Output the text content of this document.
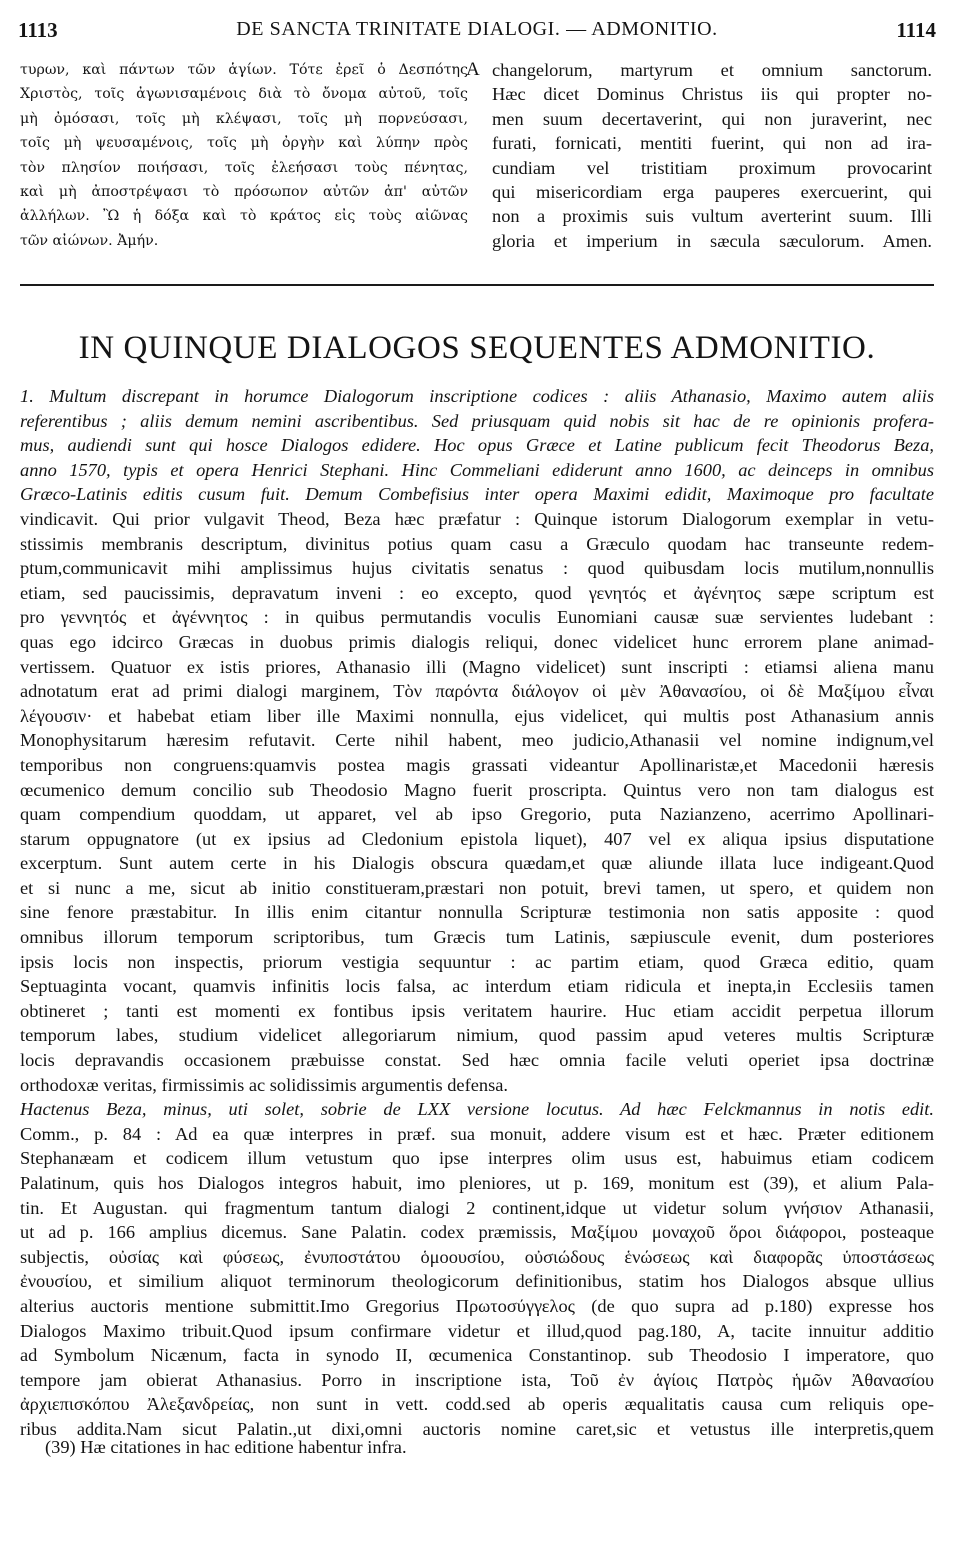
1113	DE SANCTA TRINITATE DIALOGI. — ADMONITIO.	1114
τυρων, καὶ πάντων τῶν ἁγίων. Τότε ἐρεῖ ὁ Δεσπότης
Χριστὸς, τοῖς ἀγωνισαμένοις διὰ τὸ ὄνομα αὐτοῦ, τοῖς
μὴ ὀμόσασι, τοῖς μὴ κλέψασι, τοῖς μὴ πορνεύσασι,
τοῖς μὴ ψευσαμένοις, τοῖς μὴ ὀργὴν καὶ λύπην πρὸς
τὸν πλησίον ποιήσασι, τοῖς ἐλεήσασι τοὺς πένητας,
καὶ μὴ ἀποστρέψασι τὸ πρόσωπον αὐτῶν ἀπ' αὐτῶν
ἀλλήλων. Ὢ ἡ δόξα καὶ τὸ κράτος εἰς τοὺς αἰῶνας
τῶν αἰώνων. Ἀμήν.
A changelorum, martyrum et omnium sanctorum.
Hæc dicet Dominus Christus iis qui propter no-
men suum decertaverint, qui non juraverint, nec
furati, fornicati, mentiti fuerint, qui non ad ira-
cundiam vel tristitiam proximum provocarint
qui misericordiam erga pauperes exercuerint, qui
non a proximis suis vultum averterint suum. Illi
gloria et imperium in sæcula sæculorum. Amen.
IN QUINQUE DIALOGOS SEQUENTES ADMONITIO.
1. Multum discrepant in horumce Dialogorum inscriptione codices : aliis Athanasio, Maximo autem aliis
referentibus ; aliis demum nemini ascribentibus. Sed priusquam quid nobis sit hac de re opinionis profera-
mus, audiendi sunt qui hosce Dialogos edidere. Hoc opus Græce et Latine publicum fecit Theodorus Beza,
anno 1570, typis et opera Henrici Stephani. Hinc Commeliani ediderunt anno 1600, ac deinceps in omnibus
Græco-Latinis editis cusum fuit. Demum Combefisius inter opera Maximi edidit, Maximoque pro facultate
vindicavit. Qui prior vulgavit Theod, Beza hæc præfatur : Quinque istorum Dialogorum exemplar in vetu-
stissimis membranis descriptum, divinitus potius quam casu a Græculo quodam hac transeunte redem-
ptum,communicavit mihi amplissimus hujus civitatis senatus : quod quibusdam locis mutilum,nonnullis
etiam, sed paucissimis, depravatum inveni : eo excepto, quod γενητός et ἀγένητος sæpe scriptum est
pro γεννητός et ἀγέννητος : in quibus permutandis voculis Eunomiani causæ suæ servientes ludebant :
quas ego idcirco Græcas in duobus primis dialogis reliqui, donec videlicet hunc errorem plane animad-
vertissem. Quatuor ex istis priores, Athanasio illi (Magno videlicet) sunt inscripti : etiamsi aliena manu
adnotatum erat ad primi dialogi marginem, Τὸν παρόντα διάλογον οἱ μὲν Ἀθανασίου, οἱ δὲ Μαξίμου εἶναι
λέγουσιν· et habebat etiam liber ille Maximi nonnulla, ejus videlicet, qui multis post Athanasium annis
Monophysitarum hæresim refutavit. Certe nihil habent, meo judicio,Athanasii vel nomine indignum,vel
temporibus non congruens:quamvis postea magis grassati videantur Apollinaristæ,et Macedonii hæresis
œcumenico demum concilio sub Theodosio Magno fuerit proscripta. Quintus vero non tam dialogus est
quam compendium quoddam, ut apparet, vel ab ipso Gregorio, puta Nazianzeno, acerrimo Apollinari-
starum oppugnatore (ut ex ipsius ad Cledonium epistola liquet), 407 vel ex aliqua ipsius disputatione
excerptum. Sunt autem certe in his Dialogis obscura quædam,et quæ aliunde illata luce indigeant.Quod
et si nunc a me, sicut ab initio constitueram,præstari non potuit, brevi tamen, ut spero, et quidem non
sine fenore præstabitur. In illis enim citantur nonnulla Scripturæ testimonia non satis apposite : quod
omnibus illorum temporum scriptoribus, tum Græcis tum Latinis, sæpiuscule evenit, dum posteriores
ipsis locis non inspectis, priorum vestigia sequuntur : ac partim etiam, quod Græca editio, quam
Septuaginta vocant, quamvis infinitis locis falsa, ac interdum etiam ridicula et inepta,in Ecclesiis tamen
obtineret ; tanti est momenti ex fontibus ipsis veritatem haurire. Huc etiam accidit perpetua illorum
temporum labes, studium videlicet allegoriarum nimium, quod passim apud veteres multis Scripturæ
locis depravandis occasionem præbuisse constat. Sed hæc omnia facile veluti operiet ipsa doctrinæ
orthodoxæ veritas, firmissimis ac solidissimis argumentis defensa.
Hactenus Beza, minus, uti solet, sobrie de LXX versione locutus. Ad hæc Felckmannus in notis edit.
Comm., p. 84 : Ad ea quæ interpres in præf. sua monuit, addere visum est et hæc. Præter editionem
Stephanæam et codicem illum vetustum quo ipse interpres olim usus est, habuimus etiam codicem
Palatinum, quis hos Dialogos integros habuit, imo pleniores, ut p. 169, monitum est (39), et alium Pala-
tin. Et Augustan. qui fragmentum tantum dialogi 2 continent,idque ut videtur solum γνήσιον Athanasii,
ut ad p. 166 amplius dicemus. Sane Palatin. codex præmissis, Μαξίμου μοναχοῦ ὅροι διάφοροι, posteaque
subjectis, οὐσίας καὶ φύσεως, ἐνυποστάτου ὁμοουσίου, οὐσιώδους ἑνώσεως καὶ διαφορᾶς ὑποστάσεως
ἐνουσίου, et similium aliquot terminorum theologicorum definitionibus, statim hos Dialogos absque ullius
alterius auctoris mentione submittit.Imo Gregorius Πρωτοσύγγελος (de quo supra ad p.180) expresse hos
Dialogos Maximo tribuit.Quod ipsum confirmare videtur et illud,quod pag.180, A, tacite innuitur additio
ad Symbolum Nicænum, facta in synodo II, œcumenica Constantinop. sub Theodosio I imperatore, quo
tempore jam obierat Athanasius. Porro in inscriptione ista, Τοῦ ἐν ἁγίοις Πατρὸς ἡμῶν Ἀθανασίου
ἀρχιεπισκόπου Ἀλεξανδρείας, non sunt in vett. codd.sed ab operis æqualitatis causa cum reliquis ope-
ribus addita.Nam sicut Palatin.,ut dixi,omni auctoris nomine caret,sic et vetustus ille interpretis,quem
(39) Hæ citationes in hac editione habentur infra.
